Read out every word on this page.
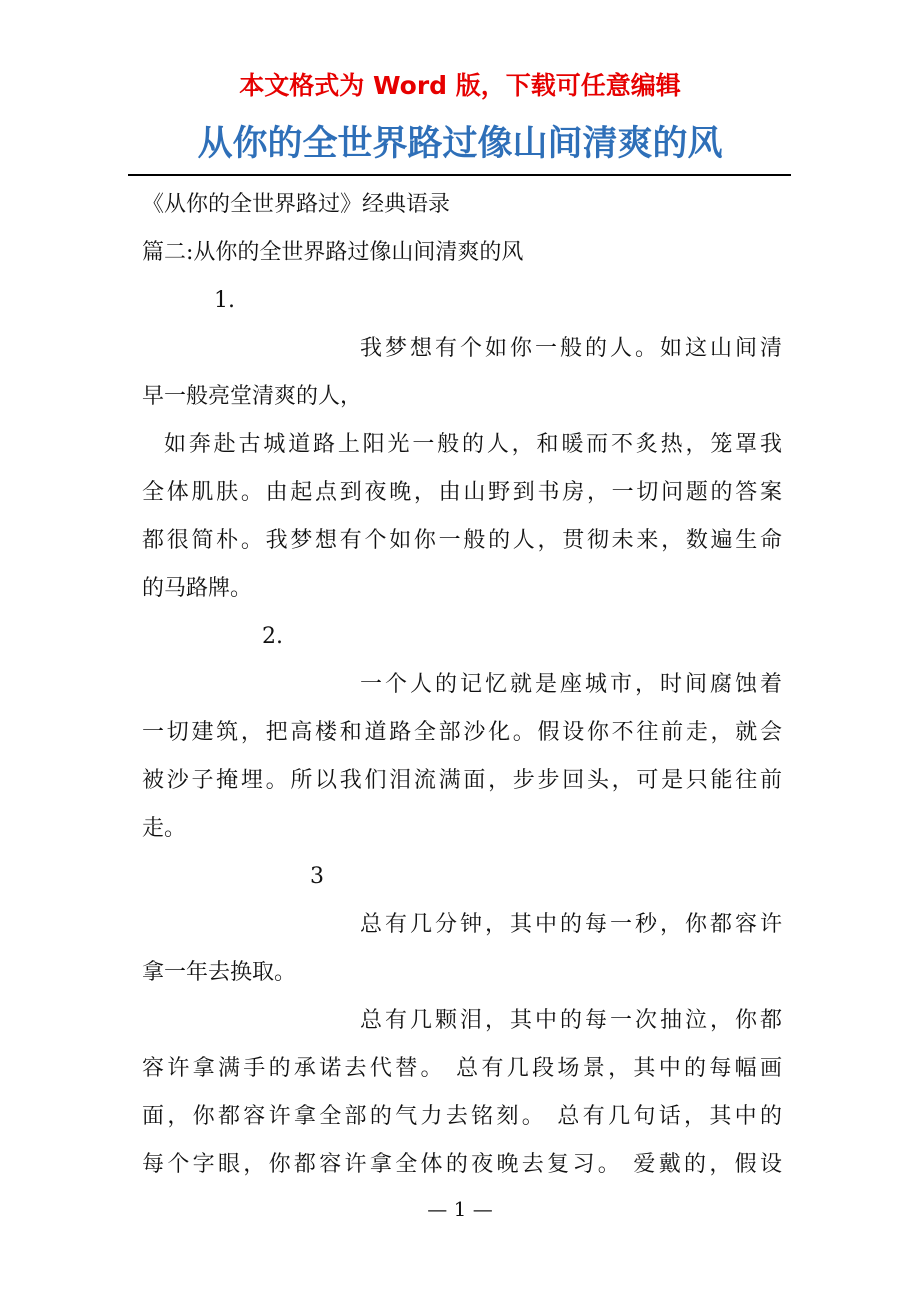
本文格式为 Word 版，下载可任意编辑
从你的全世界路过像山间清爽的风
《从你的全世界路过》经典语录
篇二:从你的全世界路过像山间清爽的风
1.
我梦想有个如你一般的人。如这山间清
早一般亮堂清爽的人，
如奔赴古城道路上阳光一般的人，和暖而不炙热，笼罩我
全体肌肤。由起点到夜晚，由山野到书房，一切问题的答案
都很简朴。我梦想有个如你一般的人，贯彻未来，数遍生命
的马路牌。
2.
一个人的记忆就是座城市，时间腐蚀着
一切建筑，把高楼和道路全部沙化。假设你不往前走，就会
被沙子掩埋。所以我们泪流满面，步步回头，可是只能往前
走。
3
总有几分钟，其中的每一秒，你都容许
拿一年去换取。
总有几颗泪，其中的每一次抽泣，你都
容许拿满手的承诺去代替。 总有几段场景，其中的每幅画
面，你都容许拿全部的气力去铭刻。 总有几句话，其中的
每个字眼，你都容许拿全体的夜晚去复习。 爱戴的，假设
— 1 —
